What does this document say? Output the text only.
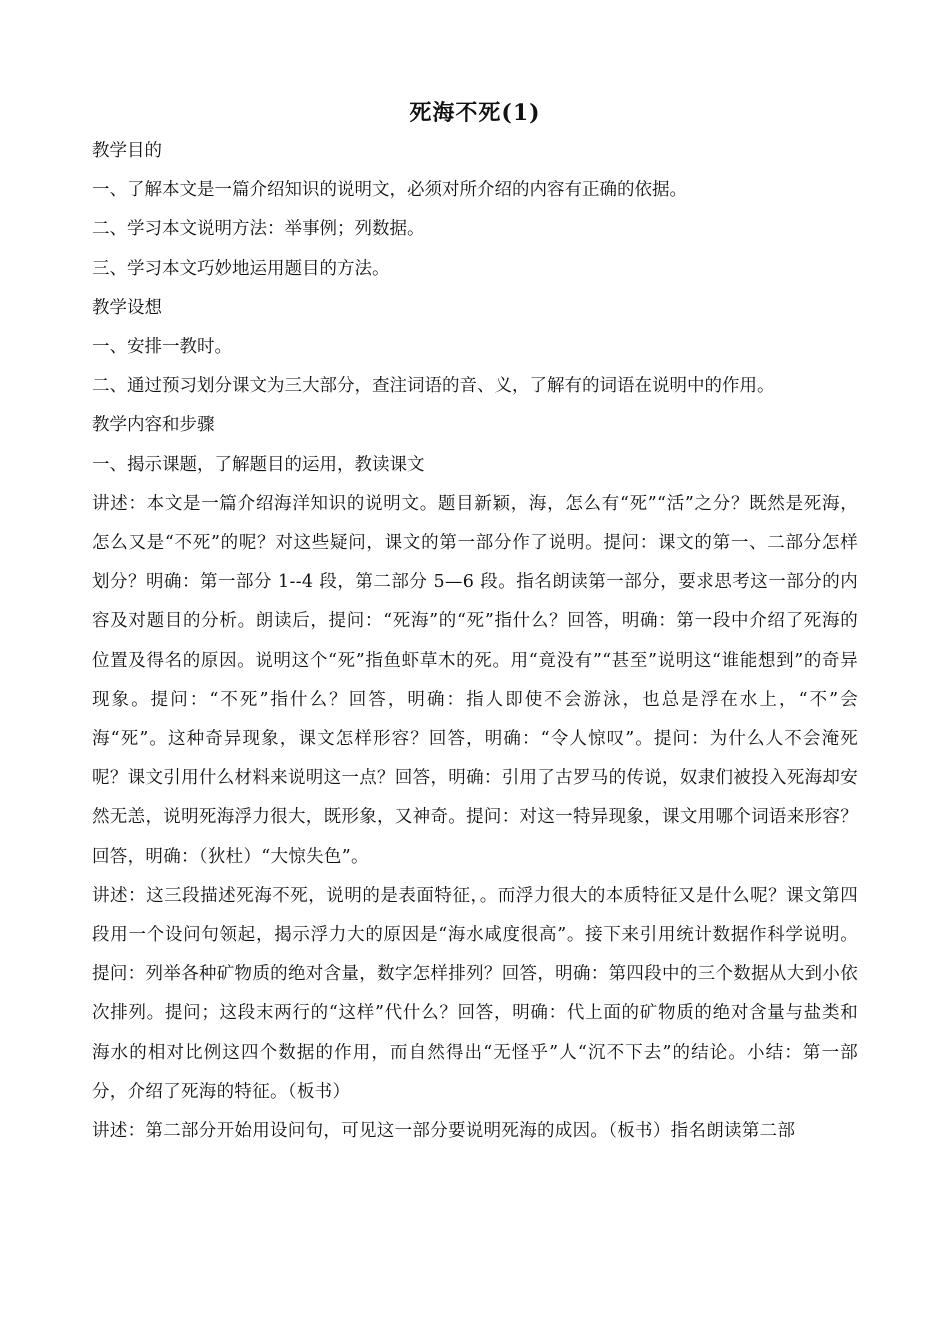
死海不死(1)

教学目的

一、了解本文是一篇介绍知识的说明文，必须对所介绍的内容有正确的依据。

二、学习本文说明方法：举事例；列数据。

三、学习本文巧妙地运用题目的方法。

教学设想

一、安排一教时。

二、通过预习划分课文为三大部分，查注词语的音、义，了解有的词语在说明中的作用。

教学内容和步骤

一、揭示课题，了解题目的运用，教读课文

讲述：本文是一篇介绍海洋知识的说明文。题目新颖，海，怎么有“死”“活”之分？既然是死海，怎么又是“不死”的呢？对这些疑问，课文的第一部分作了说明。提问：课文的第一、二部分怎样划分？明确：第一部分 1--4 段，第二部分 5—6 段。指名朗读第一部分，要求思考这一部分的内容及对题目的分析。朗读后，提问：“死海”的“死”指什么？回答，明确：第一段中介绍了死海的位置及得名的原因。说明这个“死”指鱼虾草木的死。用“竟没有”“甚至”说明这“谁能想到”的奇异现象。提问：“不死”指什么？回答，明确：指人即使不会游泳，也总是浮在水上，“不”会海“死”。这种奇异现象，课文怎样形容？回答，明确：“令人惊叹”。提问：为什么人不会淹死呢？课文引用什么材料来说明这一点？回答，明确：引用了古罗马的传说，奴隶们被投入死海却安然无恙，说明死海浮力很大，既形象，又神奇。提问：对这一特异现象，课文用哪个词语来形容？回答，明确：（狄杜）“大惊失色”。

讲述：这三段描述死海不死，说明的是表面特征，。而浮力很大的本质特征又是什么呢？课文第四段用一个设问句领起，揭示浮力大的原因是“海水咸度很高”。接下来引用统计数据作科学说明。提问：列举各种矿物质的绝对含量，数字怎样排列？回答，明确：第四段中的三个数据从大到小依次排列。提问；这段末两行的“这样”代什么？回答，明确：代上面的矿物质的绝对含量与盐类和海水的相对比例这四个数据的作用，而自然得出“无怪乎”人“沉不下去”的结论。小结：第一部分，介绍了死海的特征。（板书）

讲述：第二部分开始用设问句，可见这一部分要说明死海的成因。（板书）指名朗读第二部
